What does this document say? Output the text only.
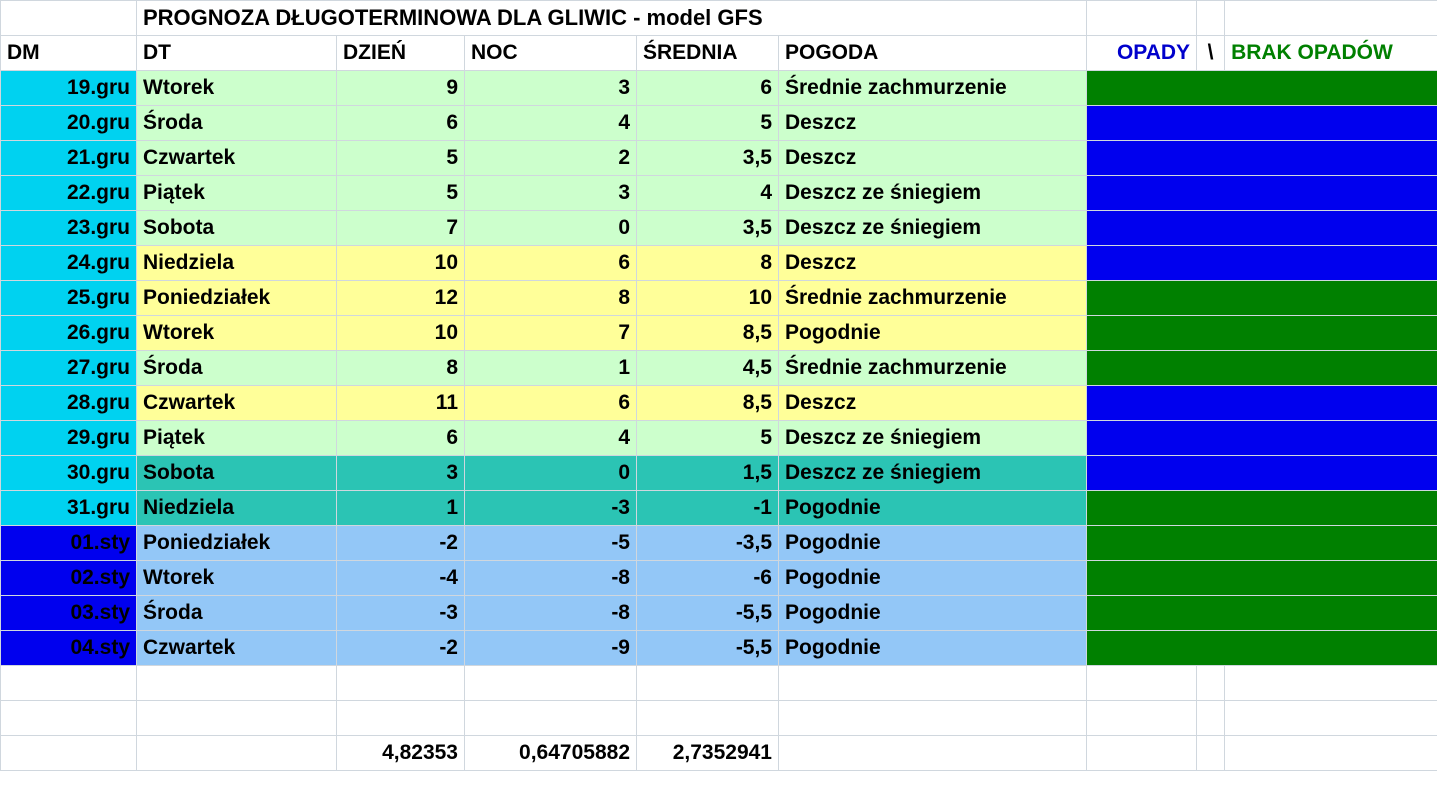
	PROGNOZA DŁUGOTERMINOWA DLA GLIWIC - model GFS							
DM	DT	DZIEŃ	NOC	ŚREDNIA	POGODA	OPADY	\	BRAK OPADÓW
19.gru	Wtorek	9	3	6	Średnie zachmurzenie			
20.gru	Środa	6	4	5	Deszcz			
21.gru	Czwartek	5	2	3,5	Deszcz			
22.gru	Piątek	5	3	4	Deszcz ze śniegiem			
23.gru	Sobota	7	0	3,5	Deszcz ze śniegiem			
24.gru	Niedziela	10	6	8	Deszcz			
25.gru	Poniedziałek	12	8	10	Średnie zachmurzenie			
26.gru	Wtorek	10	7	8,5	Pogodnie			
27.gru	Środa	8	1	4,5	Średnie zachmurzenie			
28.gru	Czwartek	11	6	8,5	Deszcz			
29.gru	Piątek	6	4	5	Deszcz ze śniegiem			
30.gru	Sobota	3	0	1,5	Deszcz ze śniegiem			
31.gru	Niedziela	1	-3	-1	Pogodnie			
01.sty	Poniedziałek	-2	-5	-3,5	Pogodnie			
02.sty	Wtorek	-4	-8	-6	Pogodnie			
03.sty	Środa	-3	-8	-5,5	Pogodnie			
04.sty	Czwartek	-2	-9	-5,5	Pogodnie			

		4,82353	0,64705882	2,7352941				
